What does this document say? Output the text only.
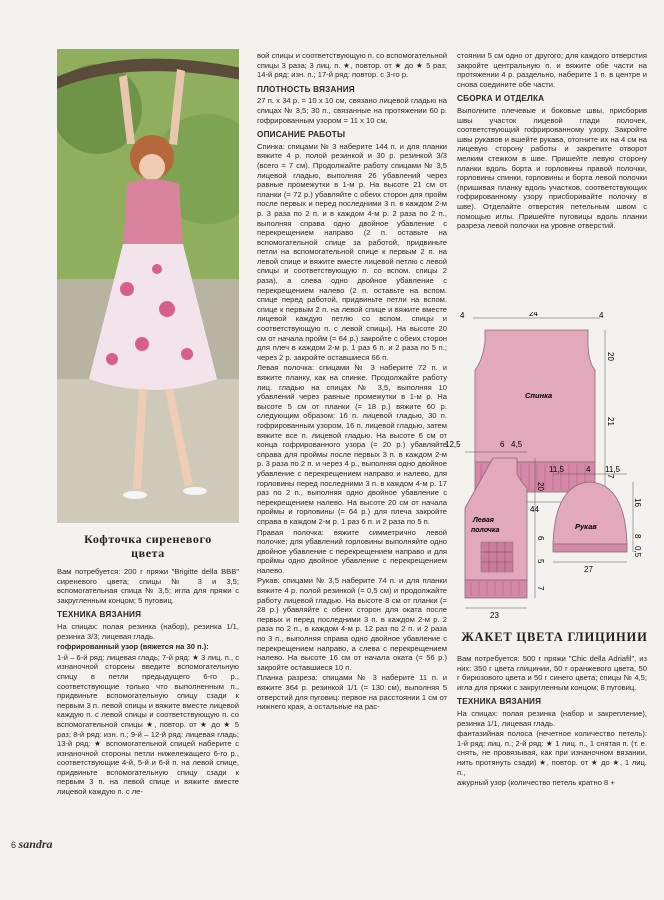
Кофточка сиреневого
цвета

Вам потребуется: 200 г пряжи "Brigitte della BBB" сиреневого цвета; спицы № 3 и 3,5; вспомогательная спица № 3,5; игла для пряжи с закругленным концом; 5 пуговиц.

ТЕХНИКА ВЯЗАНИЯ

На спицах: полая резинка (набор), резинка 1/1, резинка 3/3; лицевая гладь.

гофрированный узор (вяжется на 30 п.):

1-й – 6-й ряд: лицевая гладь; 7-й ряд: ★ 3 лиц. п., с изнаночной стороны введите вспомогательную спицу в петли предыдущего 6-го р., соответствующие только что выполненным п., придвиньте вспомогательную спицу сзади к первым 3 п. левой спицы и вяжите вместе лицевой каждую п. с левой спицы и соответствующую п. со вспомогательной спицы ★, повтор. от ★ до ★ 5 раз; 8-й ряд: изн. п.; 9-й – 12-й ряд: лицевая гладь; 13-й ряд: ★ вспомогательной спицей наберите с изнаночной стороны петли нижележащего 6-го р., соответствующие 4-й, 5-й и 6-й п. на левой спице, придвиньте вспомогательную спицу сзади к первым 3 п. на левой спице и вяжите вместе лицевой каждую п. с ле-

вой спицы и соответствующую п. со вспомогательной спицы 3 раза; 3 лиц. п. ★, повтор. от ★ до ★ 5 раз; 14-й ряд: изн. п.; 17-й ряд: повтор. с 3-го р.

ПЛОТНОСТЬ ВЯЗАНИЯ

27 п. х 34 р. = 10 х 10 см, связано лицевой гладью на спицах № 3,5; 30 п., связанные на протяжении 60 р. гофрированным узором = 11 х 10 см.

ОПИСАНИЕ РАБОТЫ

Спинка: спицами № 3 наберите 144 п. и для планки вяжите 4 р. полой резинкой и 30 р. резинкой 3/3 (всего = 7 см). Продолжайте работу спицами № 3,5 лицевой гладью, выполняя 26 убавлений через равные промежутки в 1-м р. На высоте 21 см от планки (= 72 р.) убавляйте с обеих сторон для пройм после первых и перед последними 3 п. в каждом 2-м р. 3 раза по 2 п. и в каждом 4-м р. 2 раза по 2 п., выполняя справа одно двойное убавление с перекрещением направо (2 п. оставьте на вспомогательной спице за работой, придвиньте петли на вспомогательной спице к первым 2 п. на левой спице и вяжите вместе лицевой петлю с левой спицы и соответствующую п. со вспом. спицы 2 раза), а слева одно двойное убавление с перекрещением налево (2 п. оставьте на вспом. спице перед работой, придвиньте петли на вспом. спице к первым 2 п. на левой спице и вяжите вместе лицевой каждую петлю со вспом. спицы и соответствующую п. с левой спицы). На высоте 20 см от начала пройм (= 64 р.) закройте с обеих сторон для плеч в каждом 2-м р. 1 раз 6 п. и 2 раза по 5 п.; через 2 р. закройте оставшиеся 66 п.

Левая полочка: спицами № 3 наберите 72 п. и вяжите планку, как на спинке. Продолжайте работу лиц. гладью на спицах № 3,5, выполняя 10 убавлений через равные промежутки в 1-м р. На высоте 5 см от планки (= 18 р.) вяжите 60 р. следующим образом: 16 п. лицевой гладью, 30 п. гофрированным узором, 16 п. лицевой гладью, затем вяжите все п. лицевой гладью. На высоте 6 см от конца гофрированного узора (= 20 р.) убавляйте справа для проймы после первых 3 п. в каждом 2-м р. 3 раза по 2 п. и через 4 р., выполняя одно двойное убавление с перекрещением направо и налево, для горловины перед последними 3 п. в каждом 4-м р. 17 раз по 2 п., выполняя одно двойное убавление с перекрещением налево. На высоте 20 см от начала проймы и горловины (= 64 р.) для плеча закройте справа в каждом 2-м р. 1 раз 6 п. и 2 раза по 5 п.

Правая полочка: вяжите симметрично левой полочке; для убавлений горловины выполняйте одно двойное убавление с перекрещением направо и для проймы одно двойное убавление с перекрещением налево.

Рукав: спицами № 3,5 наберите 74 п. и для планки вяжите 4 р. полой резинкой (= 0,5 см) и продолжайте работу лицевой гладью. На высоте 8 см от планки (= 28 р.) убавляйте с обеих сторон для оката после первых и перед последними 3 п. в каждом 2-м р. 2 раза по 2 п., в каждом 4-м р. 12 раз по 2 п. и 2 раза по 3 п., выполняя справа одно двойное убавление с перекрещением направо, а слева с перекрещением налево. На высоте 16 см от начала оката (= 56 р.) закройте оставшиеся 10 п.

Планка разреза: спицами № 3 наберите 11 п. и вяжите 364 р. резинкой 1/1 (= 130 см), выполняя 5 отверстий для пуговиц: первое на расстоянии 1 см от нижнего края, а остальные на рас-

стоянии 5 см одно от другого; для каждого отверстия закройте центральную п. и вяжите обе части на протяжении 4 р. раздельно, наберите 1 п. в центре и снова соедините обе части.

СБОРКА И ОТДЕЛКА

Выполните плечевые и боковые швы, присборив швы участок лицевой глади полочек, соответствующий гофрированному узору. Закройте швы рукавов и вшейте рукава, отогните их на 4 см на лицевую сторону работы и закрепите отворот мелким стежком в шве. Пришейте левую сторону планки вдоль борта и горловины правой полочки, горловины спинки, горловины и борта левой полочки (пришивая планку вдоль участков, соответствующих гофрированному узору присборивайте полочку в шве). Отделайте отверстия петельным швом с помощью иглы. Пришейте пуговицы вдоль планки разреза левой полочки на уровне отверстий.

Спинка
4	24	4
44
20
21
7
Левая
полочка
12,5	6 4,5
23
20
6
5
7
Рукав
11,5	4 11,5
27
16
8
0,5
ЖАКЕТ ЦВЕТА ГЛИЦИНИИ

Вам потребуется: 500 г пряжи "Chic della Adriafil", из них: 350 г цвета глицинии, 50 г оранжевого цвета, 50 г бирюзового цвета и 50 г синего цвета; спицы № 4,5; игла для пряжи с закругленным концом; 8 пуговиц.

ТЕХНИКА ВЯЗАНИЯ

На спицах: полая резинка (набор и закрепление), резинка 1/1, лицевая гладь.

фантазийная полоса (нечетное количество петель): 1-й ряд: лиц. п.; 2-й ряд: ★ 1 лиц. п., 1 снятая п. (т. е. снять, не провязывая, как при изнаночном вязании, нить протянуть сзади) ★, повтор. от ★ до ★, 1 лиц. п.,

ажурный узор (количество петель кратно 8 +

6 sandra
